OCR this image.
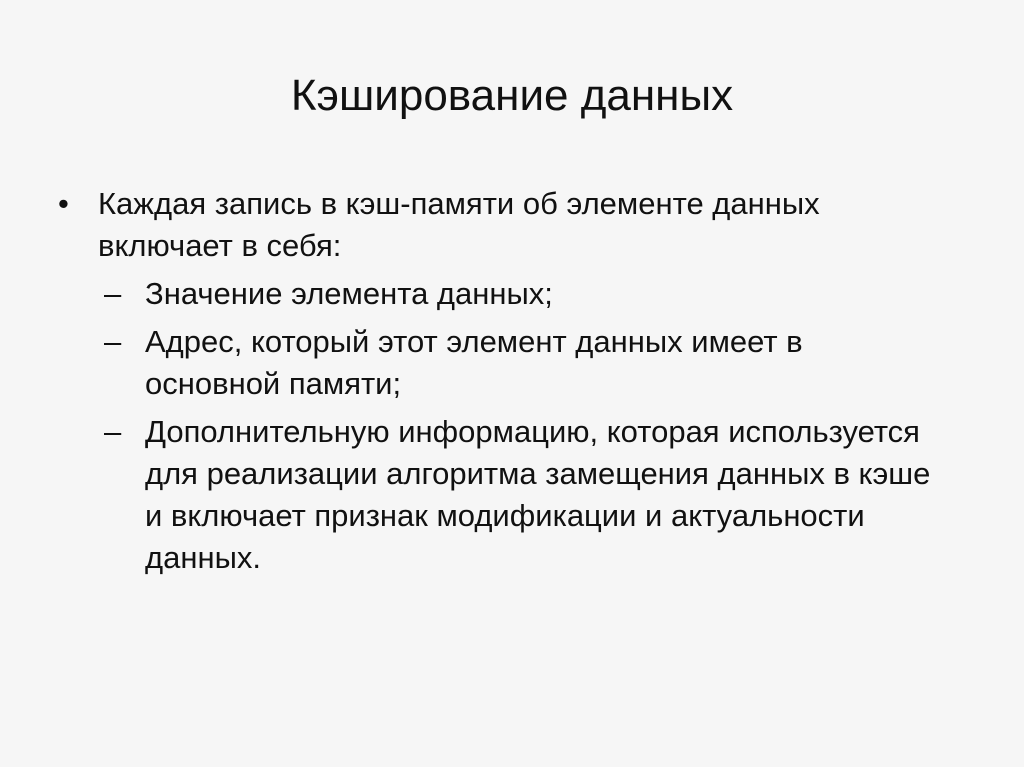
Кэширование данных
• Каждая запись в кэш-памяти об элементе данных включает в себя:
– Значение элемента данных;
– Адрес, который этот элемент данных имеет в основной памяти;
– Дополнительную информацию, которая используется для реализации алгоритма замещения данных в кэше и включает признак модификации и актуальности данных.
